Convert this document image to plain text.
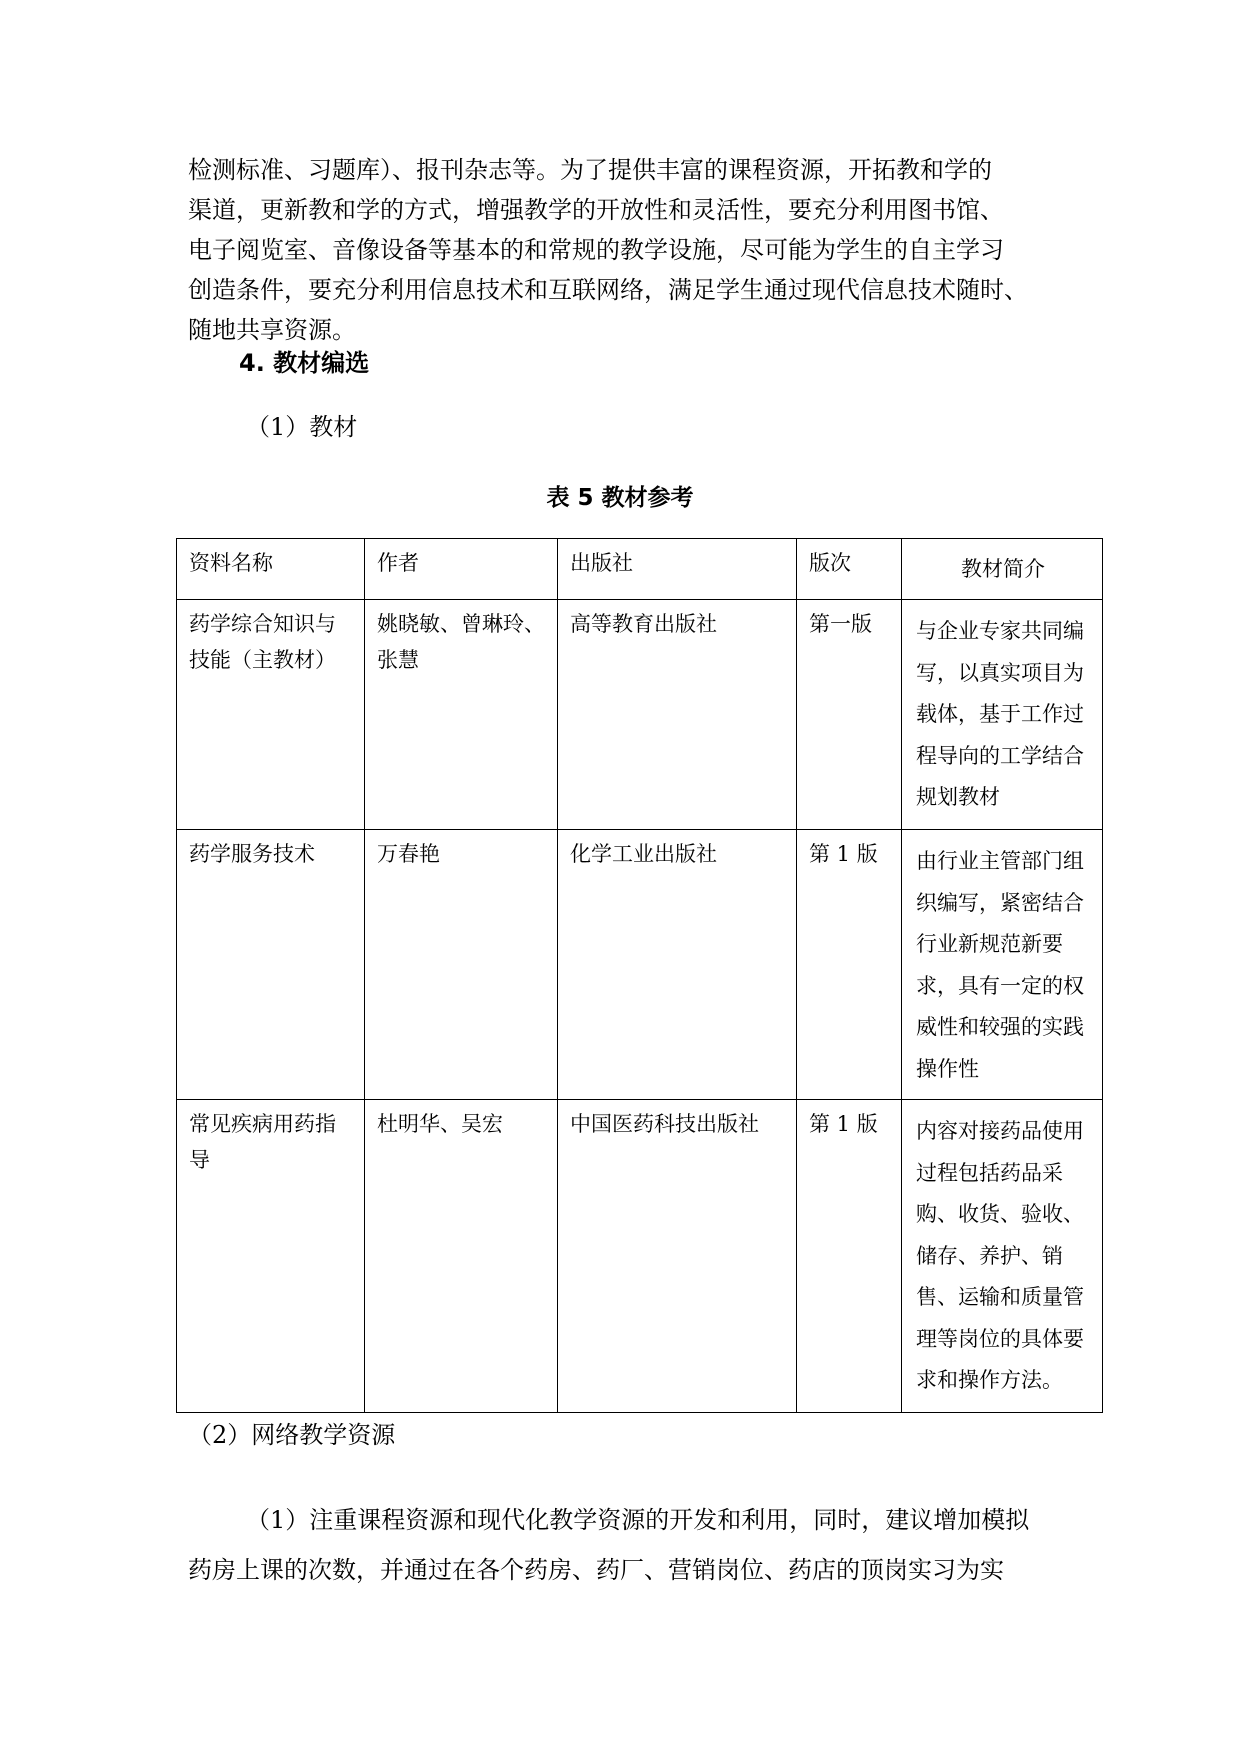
检测标准、习题库）、报刊杂志等。为了提供丰富的课程资源，开拓教和学的
渠道，更新教和学的方式，增强教学的开放性和灵活性，要充分利用图书馆、
电子阅览室、音像设备等基本的和常规的教学设施，尽可能为学生的自主学习
创造条件，要充分利用信息技术和互联网络，满足学生通过现代信息技术随时、
随地共享资源。
4. 教材编选
（1）教材
表 5 教材参考
资料名称	作者	出版社	版次	教材简介
药学综合知识与技能（主教材）	姚晓敏、曾琳玲、张慧	高等教育出版社	第一版	与企业专家共同编写，以真实项目为载体，基于工作过程导向的工学结合规划教材
药学服务技术	万春艳	化学工业出版社	第 1 版	由行业主管部门组织编写，紧密结合行业新规范新要求，具有一定的权威性和较强的实践操作性
常见疾病用药指导	杜明华、吴宏	中国医药科技出版社	第 1 版	内容对接药品使用过程包括药品采购、收货、验收、储存、养护、销售、运输和质量管理等岗位的具体要求和操作方法。
（2）网络教学资源
（1）注重课程资源和现代化教学资源的开发和利用，同时，建议增加模拟
药房上课的次数，并通过在各个药房、药厂、营销岗位、药店的顶岗实习为实
